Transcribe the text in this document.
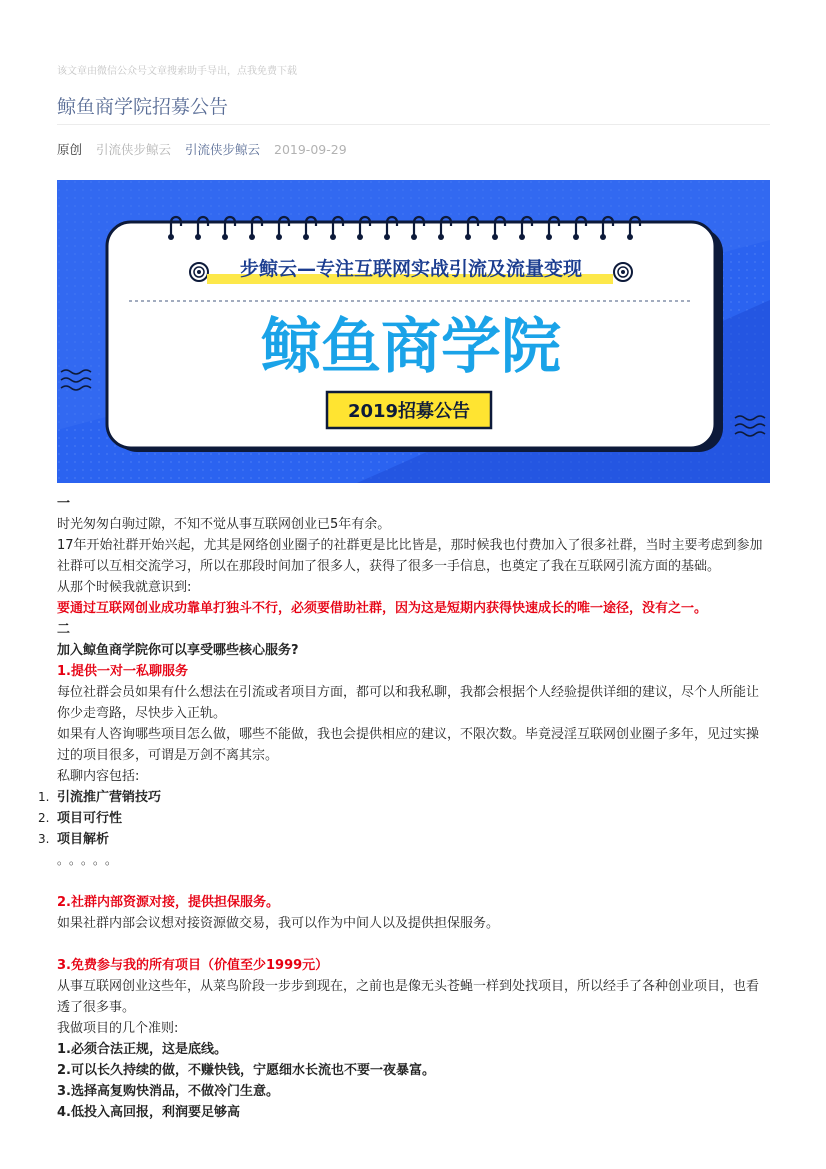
该文章由微信公众号文章搜索助手导出，点我免费下载
鲸鱼商学院招募公告
原创 引流侠步鲸云 引流侠步鲸云 2019-09-29
步鲸云—专注互联网实战引流及流量变现
鲸鱼商学院
2019招募公告

一

时光匆匆白驹过隙，不知不觉从事互联网创业已5年有余。

17年开始社群开始兴起，尤其是网络创业圈子的社群更是比比皆是，那时候我也付费加入了很多社群，当时主要考虑到参加社群可以互相交流学习，所以在那段时间加了很多人，获得了很多一手信息，也奠定了我在互联网引流方面的基础。

从那个时候我就意识到:

要通过互联网创业成功靠单打独斗不行，必须要借助社群，因为这是短期内获得快速成长的唯一途径，没有之一。

二

加入鲸鱼商学院你可以享受哪些核心服务?

1.提供一对一私聊服务

每位社群会员如果有什么想法在引流或者项目方面，都可以和我私聊，我都会根据个人经验提供详细的建议，尽个人所能让你少走弯路，尽快步入正轨。

如果有人咨询哪些项目怎么做，哪些不能做，我也会提供相应的建议，不限次数。毕竟浸淫互联网创业圈子多年，见过实操过的项目很多，可谓是万剑不离其宗。

私聊内容包括:

1. 引流推广营销技巧
2. 项目可行性
3. 项目解析

。。。。。

2.社群内部资源对接，提供担保服务。

如果社群内部会议想对接资源做交易，我可以作为中间人以及提供担保服务。

3.免费参与我的所有项目（价值至少1999元）

从事互联网创业这些年，从菜鸟阶段一步步到现在，之前也是像无头苍蝇一样到处找项目，所以经手了各种创业项目，也看透了很多事。

我做项目的几个准则:

1.必须合法正规，这是底线。

2.可以长久持续的做，不赚快钱，宁愿细水长流也不要一夜暴富。

3.选择高复购快消品，不做冷门生意。

4.低投入高回报，利润要足够高
